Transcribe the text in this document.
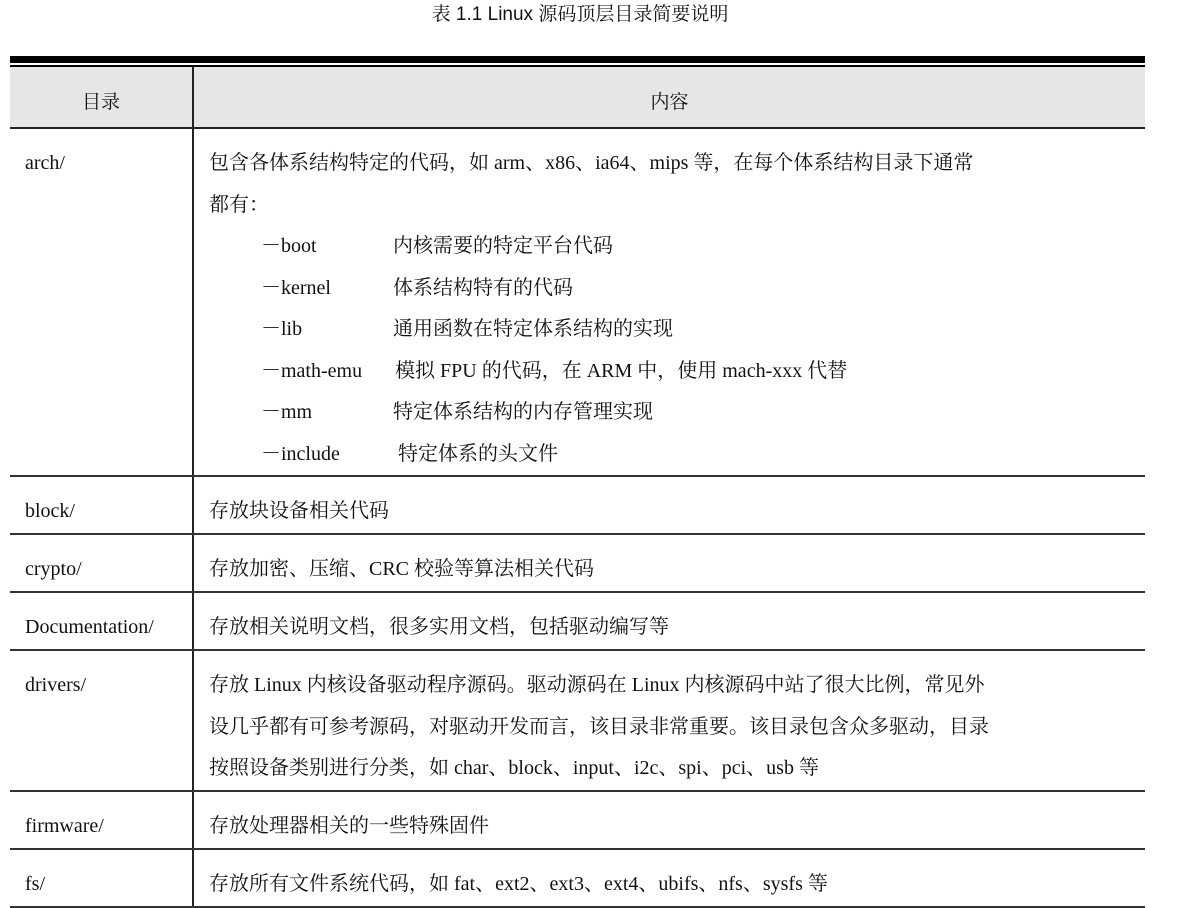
表 1.1 Linux 源码顶层目录简要说明
目录	内容
arch/	包含各体系结构特定的代码，如 arm、x86、ia64、mips 等，在每个体系结构目录下通常
都有：
－boot	内核需要的特定平台代码
－kernel	体系结构特有的代码
－lib	通用函数在特定体系结构的实现
－math-emu 模拟 FPU 的代码，在 ARM 中，使用 mach-xxx 代替
－mm	特定体系结构的内存管理实现
－include	特定体系的头文件

block/	存放块设备相关代码

crypto/	存放加密、压缩、CRC 校验等算法相关代码

Documentation/	存放相关说明文档，很多实用文档，包括驱动编写等

drivers/	存放 Linux 内核设备驱动程序源码。驱动源码在 Linux 内核源码中站了很大比例，常见外
设几乎都有可参考源码，对驱动开发而言，该目录非常重要。该目录包含众多驱动，目录
按照设备类别进行分类，如 char、block、input、i2c、spi、pci、usb 等

firmware/	存放处理器相关的一些特殊固件

fs/	存放所有文件系统代码，如 fat、ext2、ext3、ext4、ubifs、nfs、sysfs 等
